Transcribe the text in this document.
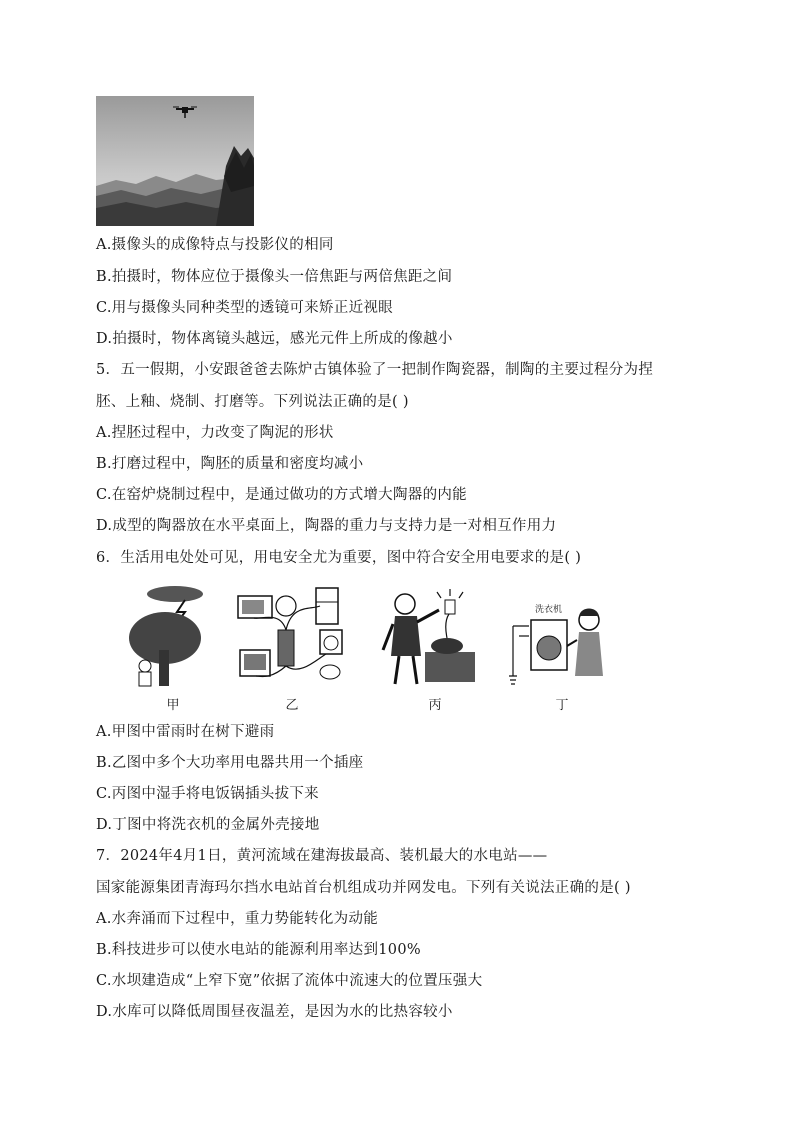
A.摄像头的成像特点与投影仪的相同
B.拍摄时，物体应位于摄像头一倍焦距与两倍焦距之间
C.用与摄像头同种类型的透镜可来矫正近视眼
D.拍摄时，物体离镜头越远，感光元件上所成的像越小
5．五一假期，小安跟爸爸去陈炉古镇体验了一把制作陶瓷器，制陶的主要过程分为捏
胚、上釉、烧制、打磨等。下列说法正确的是( )
A.捏胚过程中，力改变了陶泥的形状
B.打磨过程中，陶胚的质量和密度均减小
C.在窑炉烧制过程中，是通过做功的方式增大陶器的内能
D.成型的陶器放在水平桌面上，陶器的重力与支持力是一对相互作用力
6．生活用电处处可见，用电安全尤为重要，图中符合安全用电要求的是( )
甲	乙	丙
洗衣机
丁
A.甲图中雷雨时在树下避雨
B.乙图中多个大功率用电器共用一个插座
C.丙图中湿手将电饭锅插头拔下来
D.丁图中将洗衣机的金属外壳接地
7．2024年4月1日，黄河流域在建海拔最高、装机最大的水电站——
国家能源集团青海玛尔挡水电站首台机组成功并网发电。下列有关说法正确的是( )
A.水奔涌而下过程中，重力势能转化为动能
B.科技进步可以使水电站的能源利用率达到100%
C.水坝建造成“上窄下宽”依据了流体中流速大的位置压强大
D.水库可以降低周围昼夜温差，是因为水的比热容较小
